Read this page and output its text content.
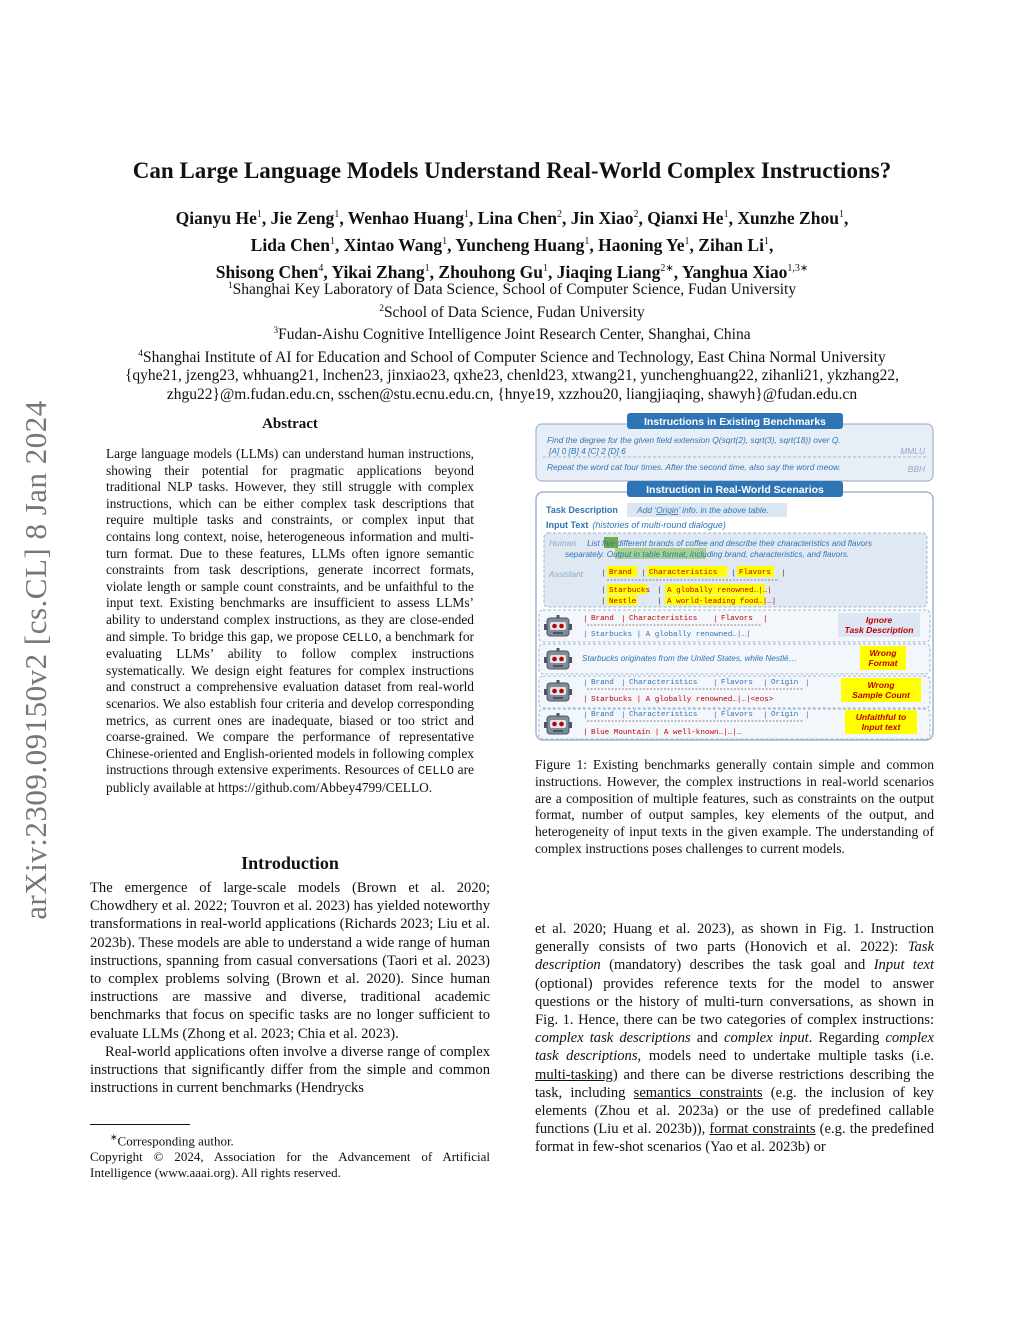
arXiv:2309.09150v2 [cs.CL] 8 Jan 2024
Can Large Language Models Understand Real-World Complex Instructions?
Qianyu He$^1$, Jie Zeng$^1$, Wenhao Huang$^1$, Lina Chen$^2$, Jin Xiao$^2$, Qianxi He$^1$, Xunzhe Zhou$^1$,
Lida Chen$^1$, Xintao Wang$^1$, Yuncheng Huang$^1$, Haoning Ye$^1$, Zihan Li$^1$,
Shisong Chen$^4$, Yikai Zhang$^1$, Zhouhong Gu$^1$, Jiaqing Liang$^{2∗}$, Yanghua Xiao$^{1,3∗}$
$^1$Shanghai Key Laboratory of Data Science, School of Computer Science, Fudan University
$^2$School of Data Science, Fudan University
$^3$Fudan-Aishu Cognitive Intelligence Joint Research Center, Shanghai, China
$^4$Shanghai Institute of AI for Education and School of Computer Science and Technology, East China Normal University
{qyhe21, jzeng23, whhuang21, lnchen23, jinxiao23, qxhe23, chenld23, xtwang21, yunchenghuang22, zihanli21, ykzhang22,
zhgu22}@m.fudan.edu.cn, sschen@stu.ecnu.edu.cn, {hnye19, xzzhou20, liangjiaqing, shawyh}@fudan.edu.cn
Abstract
Large language models (LLMs) can understand human instructions, showing their potential for pragmatic applications beyond traditional NLP tasks. However, they still struggle with complex instructions, which can be either complex task descriptions that require multiple tasks and constraints, or complex input that contains long context, noise, heterogeneous information and multi-turn format. Due to these features, LLMs often ignore semantic constraints from task descriptions, generate incorrect formats, violate length or sample count constraints, and be unfaithful to the input text. Existing benchmarks are insufficient to assess LLMs’ ability to understand complex instructions, as they are close-ended and simple. To bridge this gap, we propose CELLO, a benchmark for evaluating LLMs’ ability to follow complex instructions systematically. We design eight features for complex instructions and construct a comprehensive evaluation dataset from real-world scenarios. We also establish four criteria and develop corresponding metrics, as current ones are inadequate, biased or too strict and coarse-grained. We compare the performance of representative Chinese-oriented and English-oriented models in following complex instructions through extensive experiments. Resources of CELLO are publicly available at https://github.com/Abbey4799/CELLO.
Introduction

The emergence of large-scale models (Brown et al. 2020; Chowdhery et al. 2022; Touvron et al. 2023) has yielded noteworthy transformations in real-world applications (Richards 2023; Liu et al. 2023b). These models are able to understand a wide range of human instructions, spanning from casual conversations (Taori et al. 2023) to complex problems solving (Brown et al. 2020). Since human instructions are massive and diverse, traditional academic benchmarks that focus on specific tasks are no longer sufficient to evaluate LLMs (Zhong et al. 2023; Chia et al. 2023).

Real-world applications often involve a diverse range of complex instructions that significantly differ from the simple and common instructions in current benchmarks (Hendrycks

∗Corresponding author.

Copyright © 2024, Association for the Advancement of Artificial Intelligence (www.aaai.org). All rights reserved.

Instructions in Existing Benchmarks
Find the degree for the given field extension Q(sqrt(2), sqrt(3), sqrt(18)) over Q.
[A] 0 [B] 4 [C] 2 [D] 6	MMLU
Repeat the word cat four times. After the second time, also say the word meow.	BBH
Instruction in Real-World Scenarios
Task Description Add ‘Origin’ info. in the above table.
Input Text (histories of multi-round dialogue)
Human List five different brands of coffee and describe their characteristics and flavors
separately. Output in table format, including brand, characteristics, and flavors.
Assistant | Brand | Characteristics | Flavors |
| Starbucks | A globally renowned…|…|
| Nestle	| A world-leading food…|…|
| Brand | Characteristics | Flavors |
| Starbucks | A globally renowned…|…|
Ignore Task Description
Starbucks originates from the United States, while Nestlé…
Wrong Format
| Brand | Characteristics | Flavors | Origin |
| Starbucks | A globally renowned…|…|<eos>
Wrong Sample Count
| Brand | Characteristics | Flavors | Origin |
| Blue Mountain | A well-known…|…|…
Unfaithful to Input text
Figure 1: Existing benchmarks generally contain simple and common instructions. However, the complex instructions in real-world scenarios are a composition of multiple features, such as constraints on the output format, number of output samples, key elements of the output, and heterogeneity of input texts in the given example. The understanding of complex instructions poses challenges to current models.

et al. 2020; Huang et al. 2023), as shown in Fig. 1. Instruction generally consists of two parts (Honovich et al. 2022): Task description (mandatory) describes the task goal and Input text (optional) provides reference texts for the model to answer questions or the history of multi-turn conversations, as shown in Fig. 1. Hence, there can be two categories of complex instructions: complex task descriptions and complex input. Regarding complex task descriptions, models need to undertake multiple tasks (i.e. multi-tasking) and there can be diverse restrictions describing the task, including semantics constraints (e.g. the inclusion of key elements (Zhou et al. 2023a) or the use of predefined callable functions (Liu et al. 2023b)), format constraints (e.g. the predefined format in few-shot scenarios (Yao et al. 2023b) or
